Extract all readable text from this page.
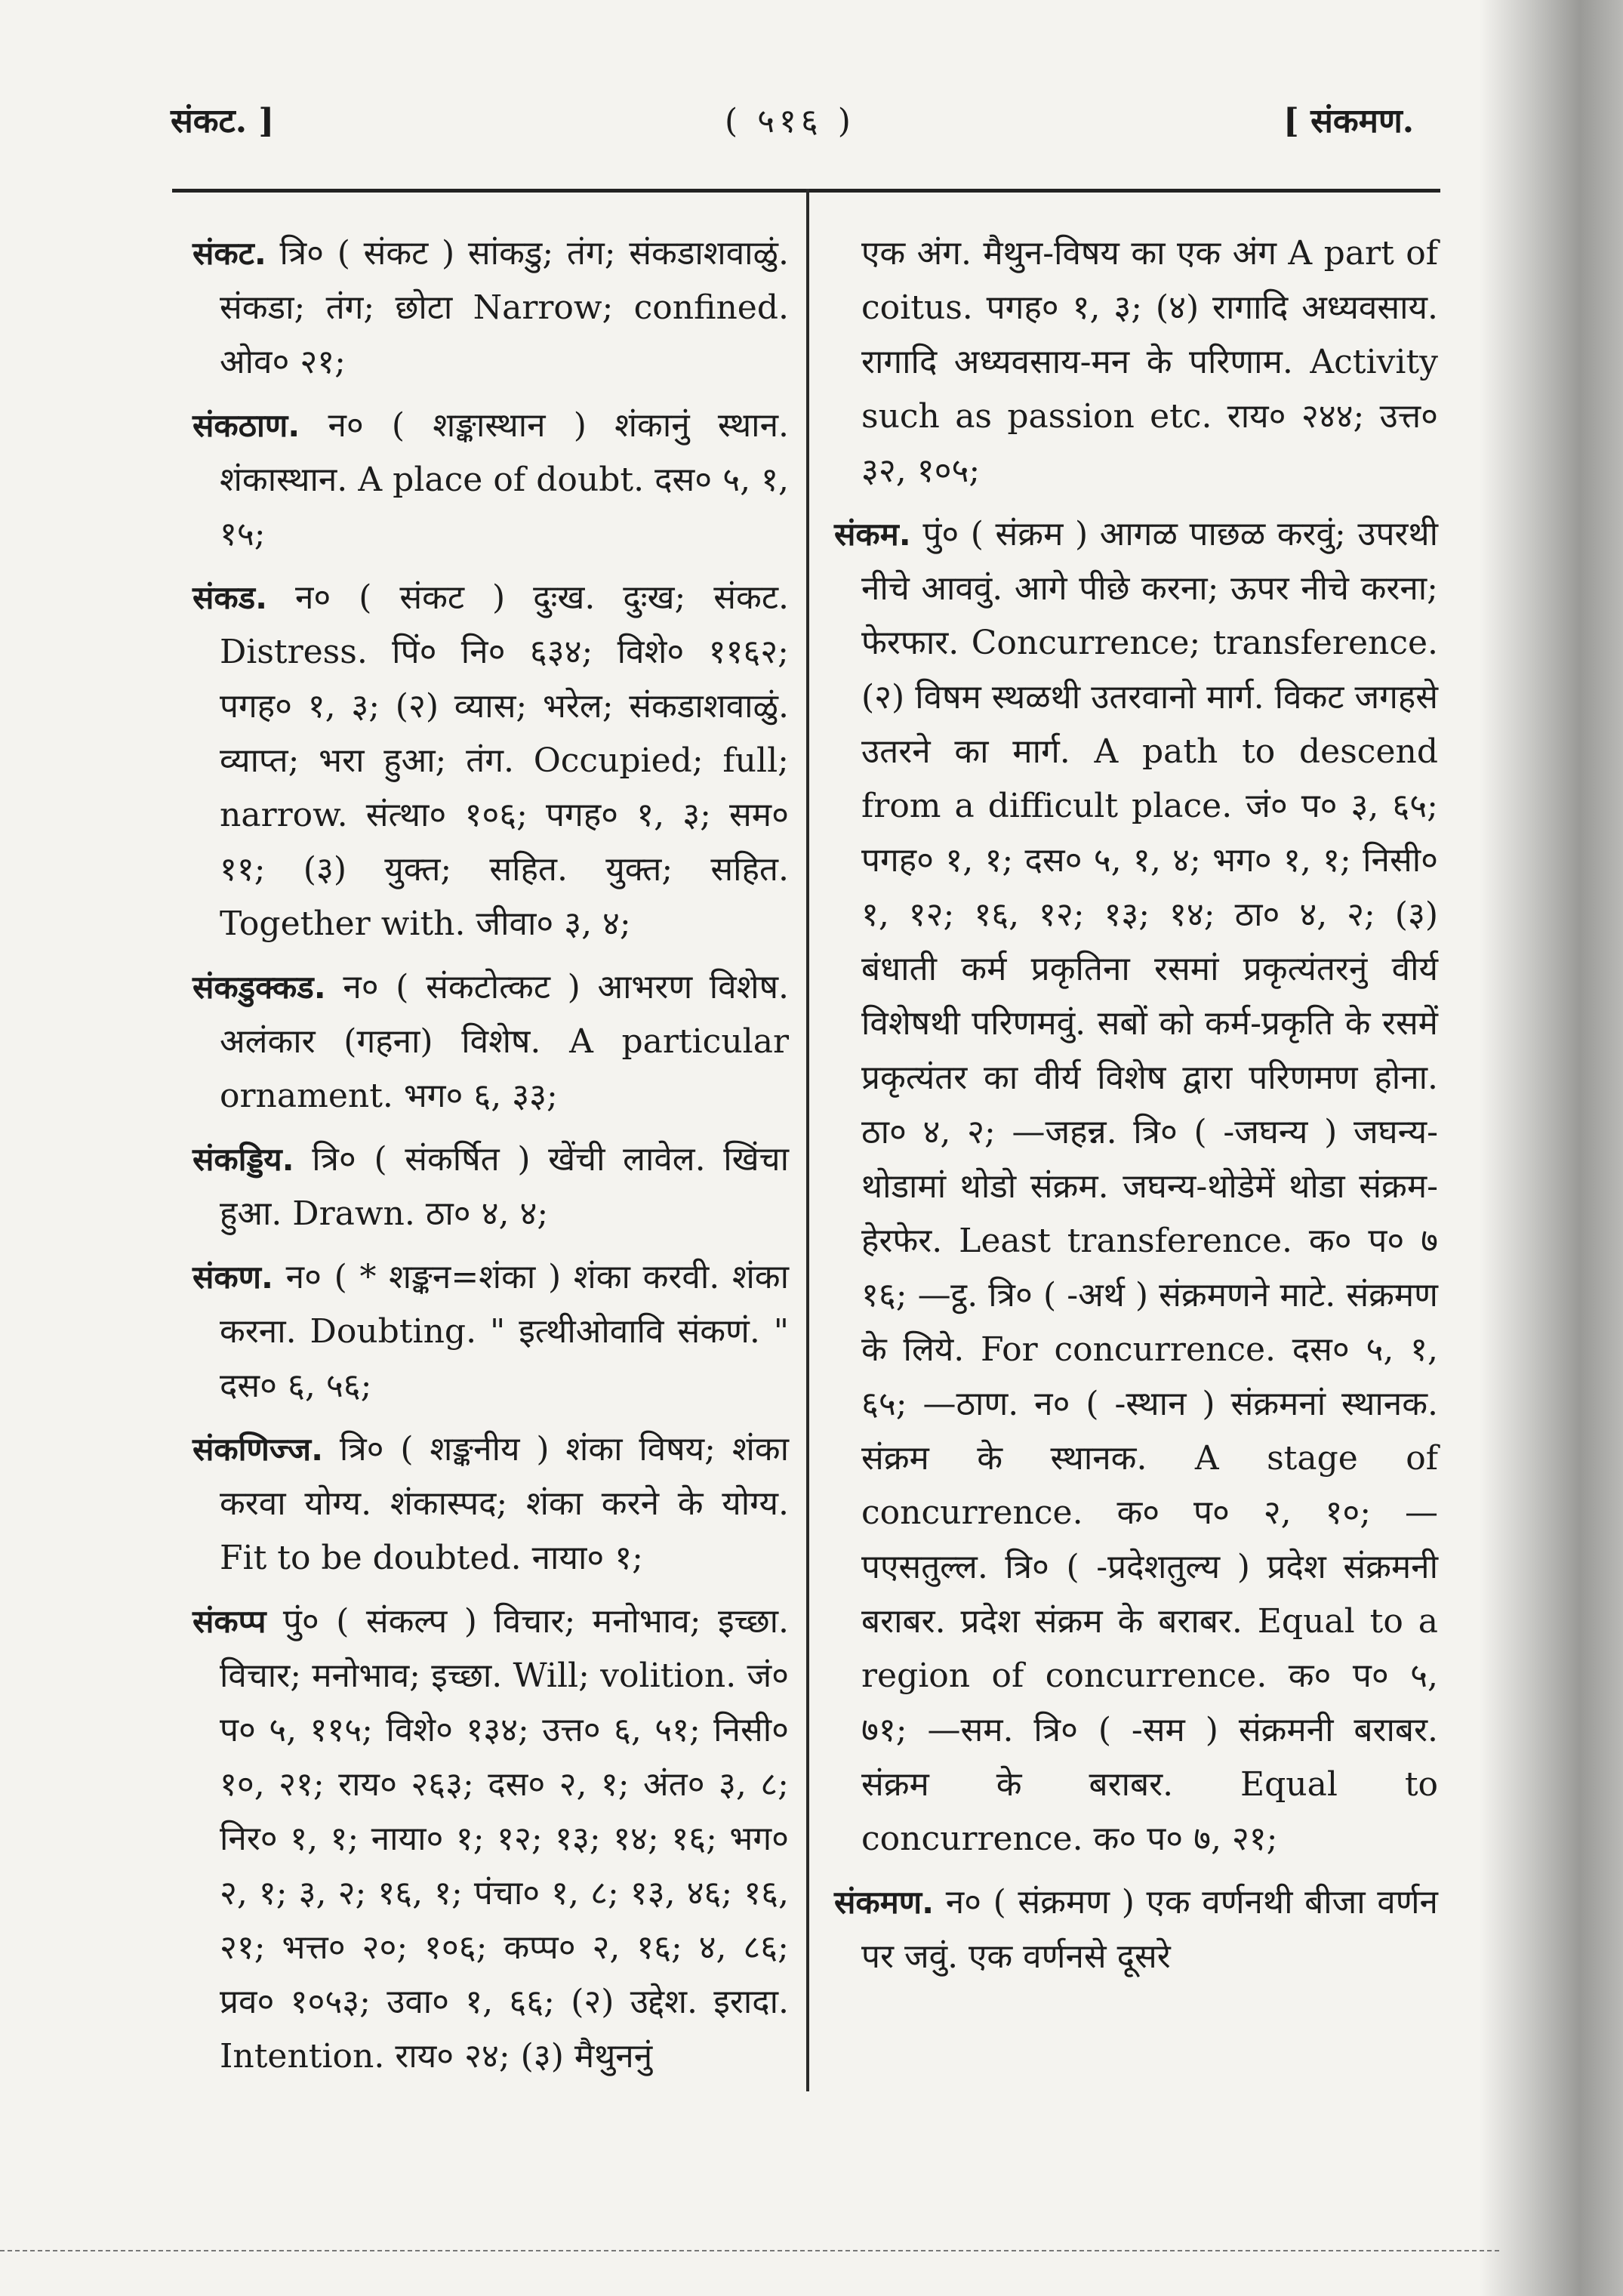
संकट. ]	( ५१६ )	[ संकमण.

संकट. त्रि० ( संकट ) सांकडु; तंग; संकडाशवाळुं. संकडा; तंग; छोटा Narrow; confined. ओव० २१;

संकठाण. न० ( शङ्कास्थान ) शंकानुं स्थान. शंकास्थान. A place of doubt. दस० ५, १, १५;

संकड. न० ( संकट ) दुःख. दुःख; संकट. Distress. पिं० नि० ६३४; विशे० ११६२; पगह० १, ३; (२) व्यास; भरेल; संकडाशवाळुं. व्याप्त; भरा हुआ; तंग. Occupied; full; narrow. संत्था० १०६; पगह० १, ३; सम० ११; (३) युक्त; सहित. युक्त; सहित. Together with. जीवा० ३, ४;

संकडुक्कड. न० ( संकटोत्कट ) आभरण विशेष. अलंकार (गहना) विशेष. A particular ornament. भग० ६, ३३;

संकड्डिय. त्रि० ( संकर्षित ) खेंची लावेल. खिंचा हुआ. Drawn. ठा० ४, ४;

संकण. न० ( * शङ्कन=शंका ) शंका करवी. शंका करना. Doubting. " इत्थीओवावि संकणं. " दस० ६, ५६;

संकणिज्ज. त्रि० ( शङ्कनीय ) शंका विषय; शंका करवा योग्य. शंकास्पद; शंका करने के योग्य. Fit to be doubted. नाया० १;

संकप्प पुं० ( संकल्प ) विचार; मनोभाव; इच्छा. विचार; मनोभाव; इच्छा. Will; volition. जं० प० ५, ११५; विशे० १३४; उत्त० ६, ५१; निसी० १०, २१; राय० २६३; दस० २, १; अंत० ३, ८; निर० १, १; नाया० १; १२; १३; १४; १६; भग० २, १; ३, २; १६, १; पंचा० १, ८; १३, ४६; १६, २१; भत्त० २०; १०६; कप्प० २, १६; ४, ८६; प्रव० १०५३; उवा० १, ६६; (२) उद्देश. इरादा. Intention. राय० २४; (३) मैथुननुं

एक अंग. मैथुन-विषय का एक अंग A part of coitus. पगह० १, ३; (४) रागादि अध्यवसाय. रागादि अध्यवसाय-मन के परिणाम. Activity such as passion etc. राय० २४४; उत्त० ३२, १०५;

संकम. पुं० ( संक्रम ) आगळ पाछळ करवुं; उपरथी नीचे आववुं. आगे पीछे करना; ऊपर नीचे करना; फेरफार. Concurrence; transference. (२) विषम स्थळथी उतरवानो मार्ग. विकट जगहसे उतरने का मार्ग. A path to descend from a difficult place. जं० प० ३, ६५; पगह० १, १; दस० ५, १, ४; भग० १, १; निसी० १, १२; १६, १२; १३; १४; ठा० ४, २; (३) बंधाती कर्म प्रकृतिना रसमां प्रकृत्यंतरनुं वीर्य विशेषथी परिणमवुं. सबों को कर्म-प्रकृति के रसमें प्रकृत्यंतर का वीर्य विशेष द्वारा परिणमण होना. ठा० ४, २; —जहन्न. त्रि० ( -जघन्य ) जघन्य-थोडामां थोडो संक्रम. जघन्य-थोडेमें थोडा संक्रम-हेरफेर. Least transference. क० प० ७ १६; —ट्ठ. त्रि० ( -अर्थ ) संक्रमणने माटे. संक्रमण के लिये. For concurrence. दस० ५, १, ६५; —ठाण. न० ( -स्थान ) संक्रमनां स्थानक. संक्रम के स्थानक. A stage of concurrence. क० प० २, १०; —पएसतुल्ल. त्रि० ( -प्रदेशतुल्य ) प्रदेश संक्रमनी बराबर. प्रदेश संक्रम के बराबर. Equal to a region of concurrence. क० प० ५, ७१; —सम. त्रि० ( -सम ) संक्रमनी बराबर. संक्रम के बराबर. Equal to concurrence. क० प० ७, २१;

संकमण. न० ( संक्रमण ) एक वर्णनथी बीजा वर्णन पर जवुं. एक वर्णनसे दूसरे
